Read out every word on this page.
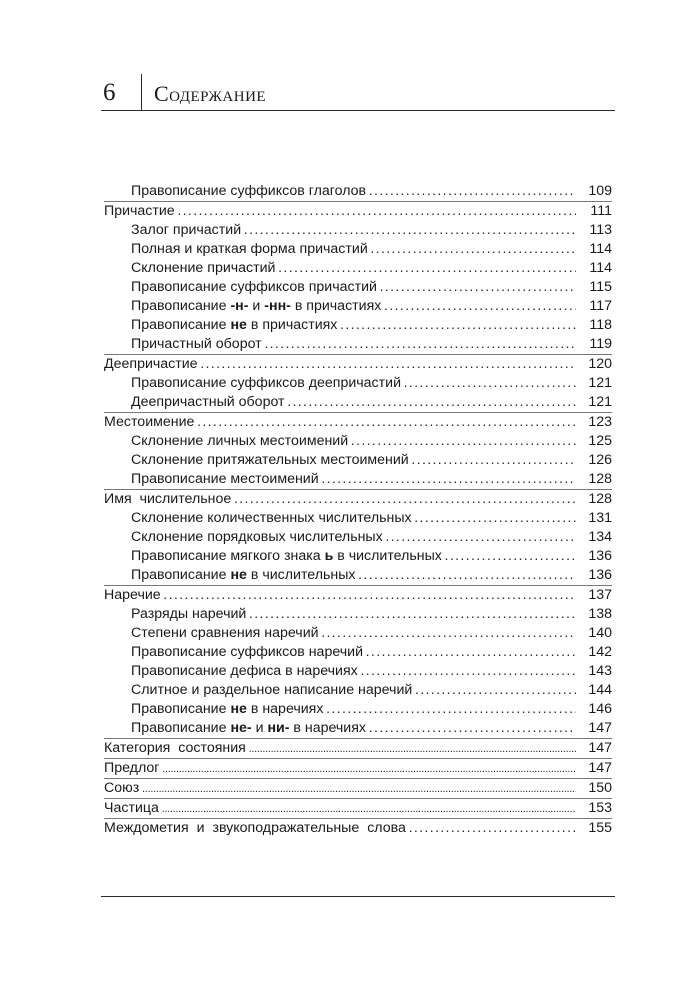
6 Содержание
Правописание суффиксов глаголов . . .	109
Причастие . . .	111
Залог причастий . . .	113
Полная и краткая форма причастий . . .	114
Склонение причастий . . .	114
Правописание суффиксов причастий . . .	115
Правописание -н- и -нн- в причастиях . . .	117
Правописание не в причастиях . . .	118
Причастный оборот . . .	119
Деепричастие . . .	120
Правописание суффиксов деепричастий . . .	121
Деепричастный оборот . . .	121
Местоимение . . .	123
Склонение личных местоимений . . .	125
Склонение притяжательных местоимений . . .	126
Правописание местоимений . . .	128
Имя числительное . . .	128
Склонение количественных числительных . . .	131
Склонение порядковых числительных . . .	134
Правописание мягкого знака ь в числительных . . .	136
Правописание не в числительных . . .	136
Наречие . . .	137
Разряды наречий . . .	138
Степени сравнения наречий . . .	140
Правописание суффиксов наречий . . .	142
Правописание дефиса в наречиях . . .	143
Слитное и раздельное написание наречий . . .	144
Правописание не в наречиях . . .	146
Правописание не- и ни- в наречиях . . .	147
Категория состояния .....	147
Предлог .....	147
Союз .....	150
Частица .....	153
Междометия и звукоподражательные слова . . .	155
